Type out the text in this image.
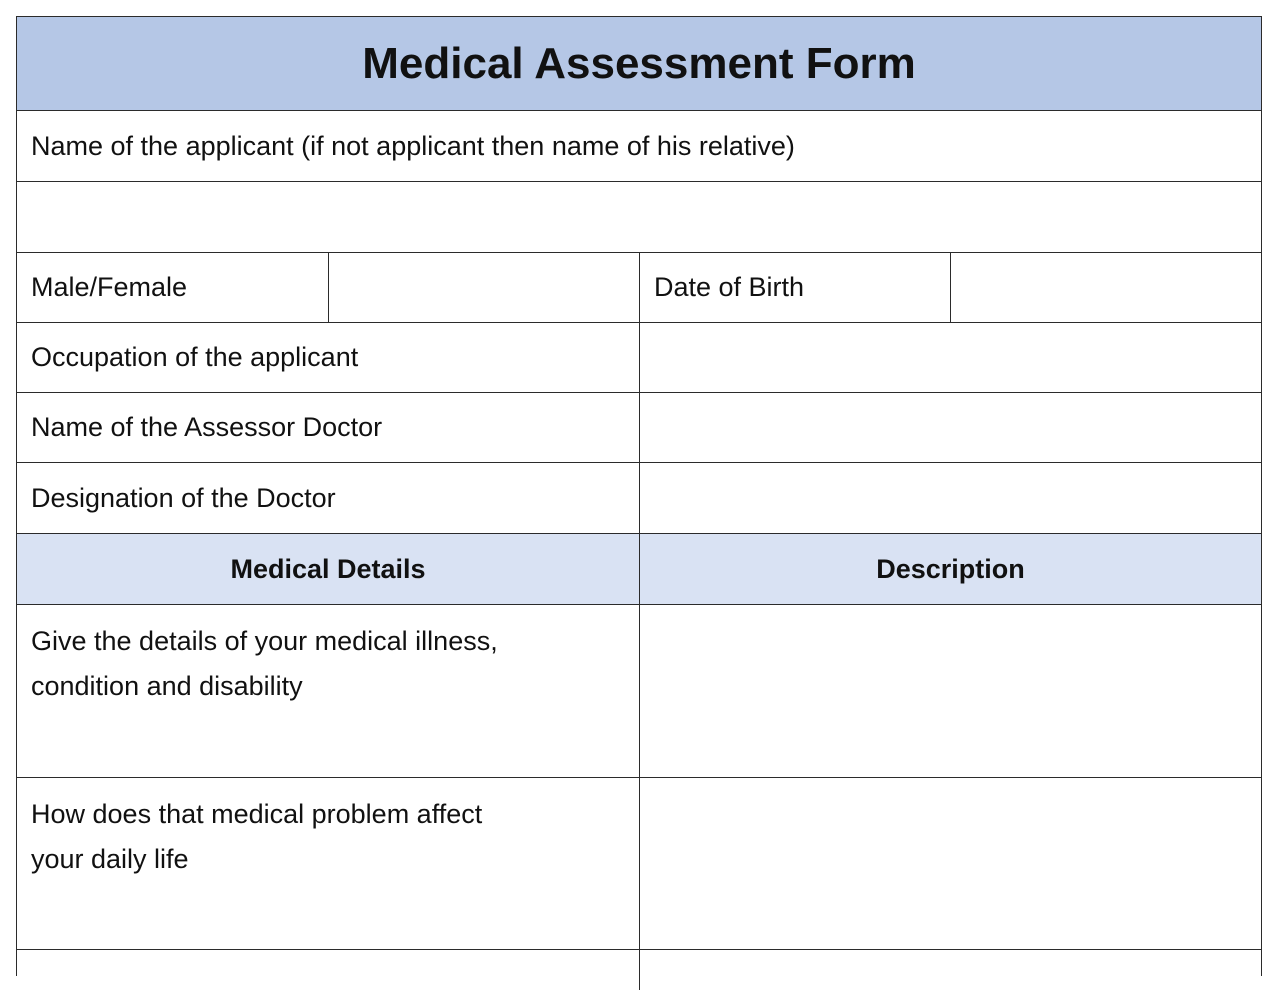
Medical Assessment Form
Name of the applicant (if not applicant then name of his relative)
Male/Female	Date of Birth
Occupation of the applicant
Name of the Assessor Doctor
Designation of the Doctor
Medical Details	Description
Give the details of your medical illness,
condition and disability
How does that medical problem affect
your daily life
